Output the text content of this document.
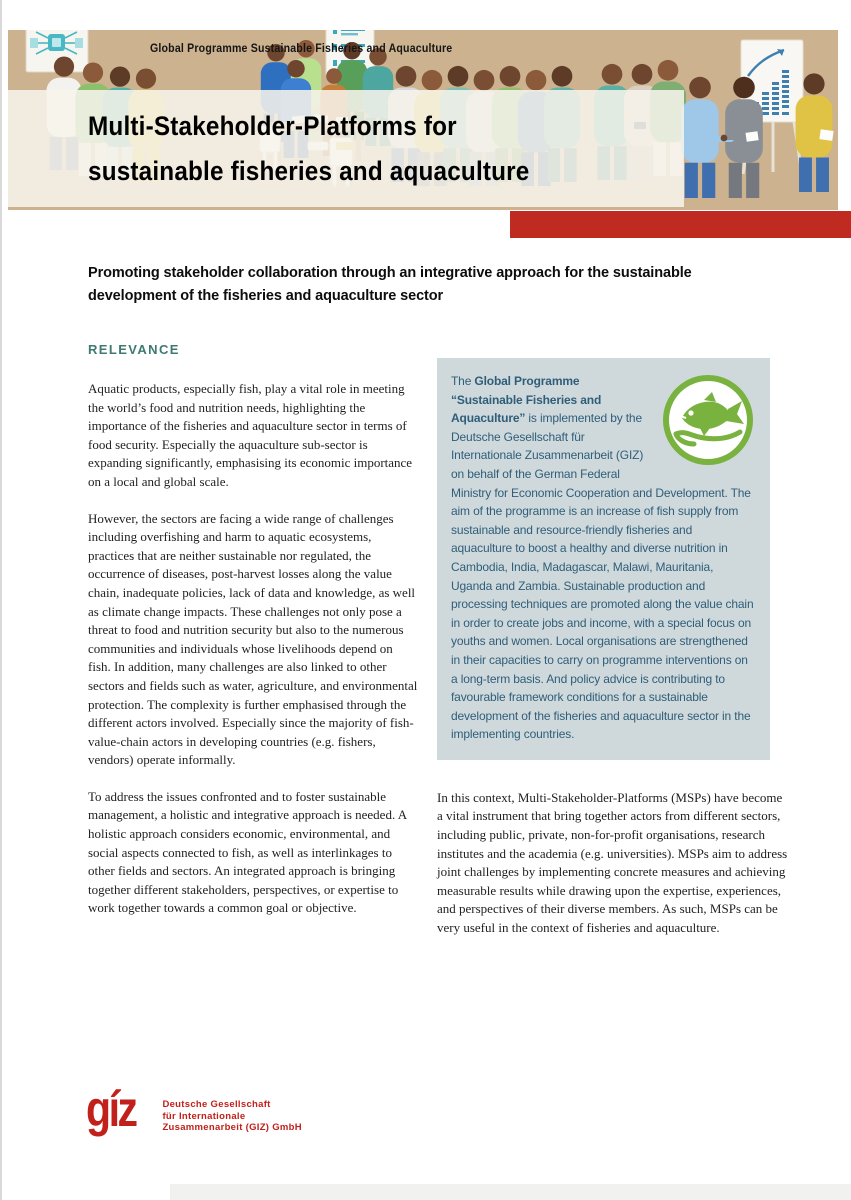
Global Programme Sustainable Fisheries and Aquaculture
Multi-Stakeholder-Platforms for
sustainable fisheries and aquaculture
Promoting stakeholder collaboration through an integrative approach for the sustainable development of the fisheries and aquaculture sector
RELEVANCE

Aquatic products, especially fish, play a vital role in meeting the world’s food and nutrition needs, highlighting the importance of the fisheries and aquaculture sector in terms of food security. Especially the aquaculture sub-sector is expanding significantly, emphasising its economic importance on a local and global scale.

However, the sectors are facing a wide range of challenges including overfishing and harm to aquatic ecosystems, practices that are neither sustainable nor regulated, the occurrence of diseases, post-harvest losses along the value chain, inadequate policies, lack of data and knowledge, as well as climate change impacts. These challenges not only pose a threat to food and nutrition security but also to the numerous communities and individuals whose livelihoods depend on fish. In addition, many challenges are also linked to other sectors and fields such as water, agriculture, and environmental protection. The complexity is further emphasised through the different actors involved. Especially since the majority of fish-value-chain actors in developing countries (e.g. fishers, vendors) operate informally.

To address the issues confronted and to foster sustainable management, a holistic and integrative approach is needed. A holistic approach considers economic, environmental, and social aspects connected to fish, as well as interlinkages to other fields and sectors. An integrated approach is bringing together different stakeholders, perspectives, or expertise to work together towards a common goal or objective.

The Global Programme “Sustainable Fisheries and Aquaculture” is implemented by the Deutsche Gesellschaft für Internationale Zusammenarbeit (GIZ) on behalf of the German Federal Ministry for Economic Cooperation and Development. The aim of the programme is an increase of fish supply from sustainable and resource-friendly fisheries and aquaculture to boost a healthy and diverse nutrition in Cambodia, India, Madagascar, Malawi, Mauritania, Uganda and Zambia. Sustainable production and processing techniques are promoted along the value chain in order to create jobs and income, with a special focus on youths and women. Local organisations are strengthened in their capacities to carry on programme interventions on a long-term basis. And policy advice is contributing to favourable framework conditions for a sustainable development of the fisheries and aquaculture sector in the implementing countries.

In this context, Multi-Stakeholder-Platforms (MSPs) have become a vital instrument that bring together actors from different sectors, including public, private, non-for-profit organisations, research institutes and the academia (e.g. universities). MSPs aim to address joint challenges by implementing concrete measures and achieving measurable results while drawing upon the expertise, experiences, and perspectives of their diverse members. As such, MSPs can be very useful in the context of fisheries and aquaculture.

gíz	Deutsche Gesellschaft
für Internationale
Zusammenarbeit (GIZ) GmbH
